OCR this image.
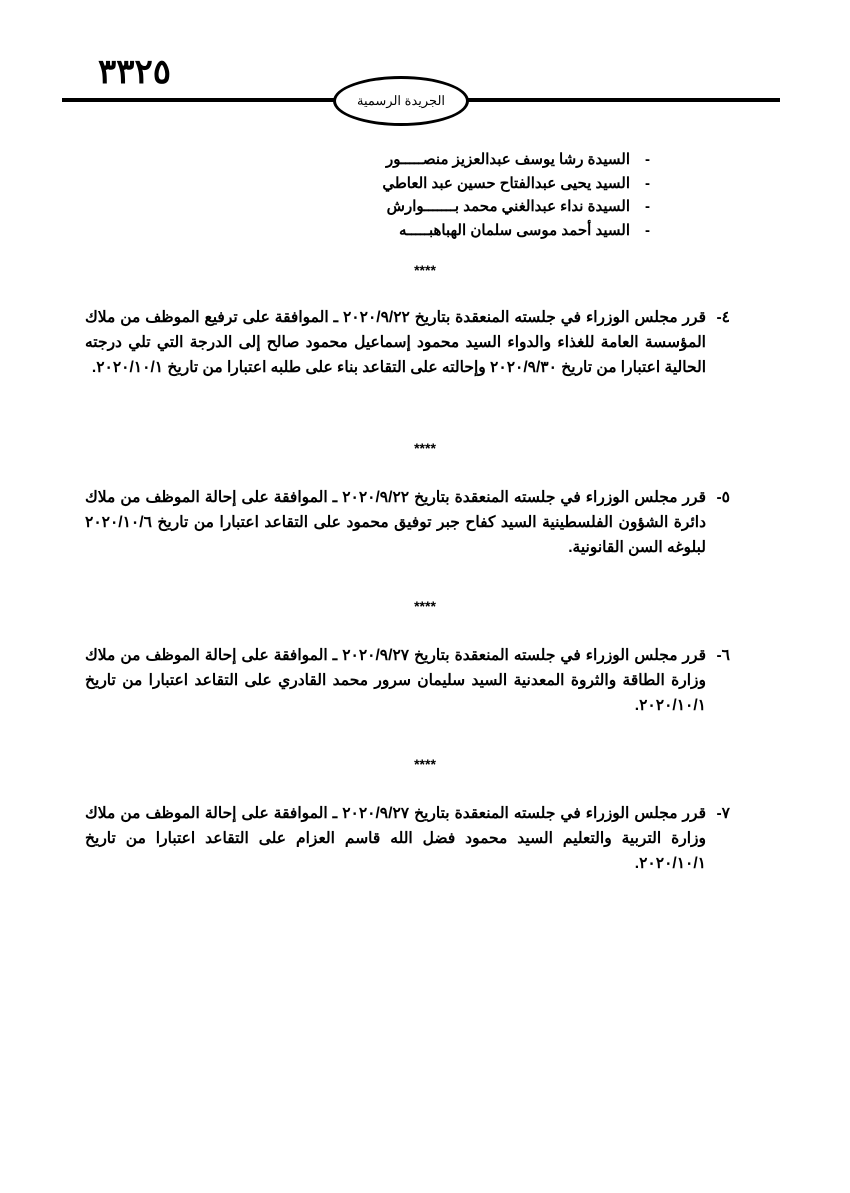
٣٣٢٥
الجريدة الرسمية
- السيدة رشا يوسف عبدالعزيز منصـــــور
- السيد يحيى عبدالفتاح حسين عبد العاطي
- السيدة نداء عبدالغني محمد بـــــــوارش
- السيد أحمد موسى سلمان الهباهبـــــه
****
٤-
قرر مجلس الوزراء في جلسته المنعقدة بتاريخ ٢٠٢٠/٩/٢٢ ـ الموافقة على ترفيع الموظف من ملاك المؤسسة العامة للغذاء والدواء السيد محمود إسماعيل محمود صالح إلى الدرجة التي تلي درجته الحالية اعتبارا من تاريخ ٢٠٢٠/٩/٣٠ وإحالته على التقاعد بناء على طلبه اعتبارا من تاريخ ٢٠٢٠/١٠/١.
****
٥-
قرر مجلس الوزراء في جلسته المنعقدة بتاريخ ٢٠٢٠/٩/٢٢ ـ الموافقة على إحالة الموظف من ملاك دائرة الشؤون الفلسطينية السيد كفاح جبر توفيق محمود على التقاعد اعتبارا من تاريخ ٢٠٢٠/١٠/٦ لبلوغه السن القانونية.
****
٦-
قرر مجلس الوزراء في جلسته المنعقدة بتاريخ ٢٠٢٠/٩/٢٧ ـ الموافقة على إحالة الموظف من ملاك وزارة الطاقة والثروة المعدنية السيد سليمان سرور محمد القادري على التقاعد اعتبارا من تاريخ ٢٠٢٠/١٠/١.
****
٧-
قرر مجلس الوزراء في جلسته المنعقدة بتاريخ ٢٠٢٠/٩/٢٧ ـ الموافقة على إحالة الموظف من ملاك وزارة التربية والتعليم السيد محمود فضل الله قاسم العزام على التقاعد اعتبارا من تاريخ ٢٠٢٠/١٠/١.
